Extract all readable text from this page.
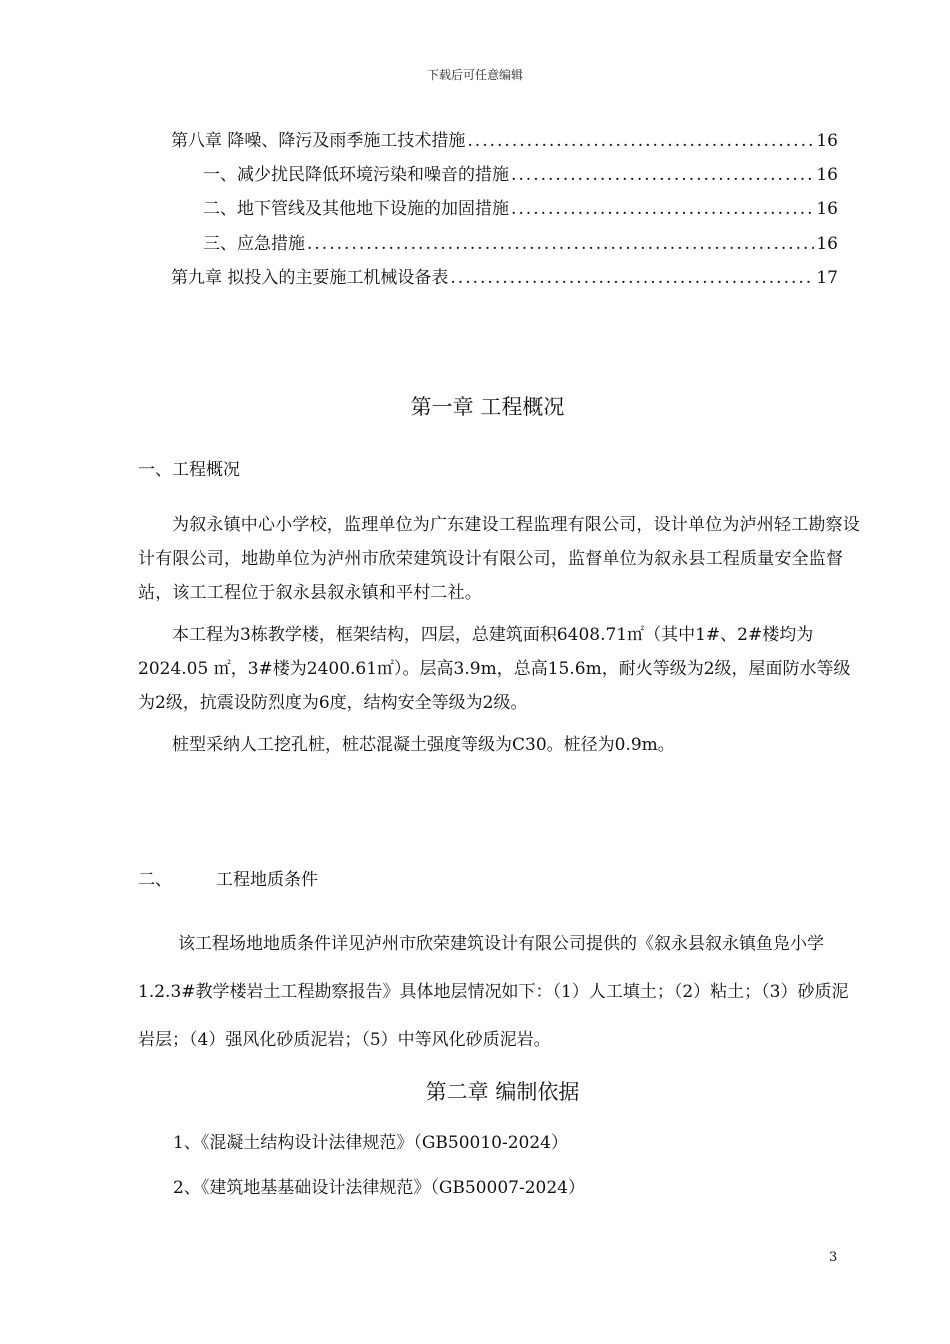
下载后可任意编辑
第八章 降噪、降污及雨季施工技术措施 .....	16
一、减少扰民降低环境污染和噪音的措施 .....	16
二、地下管线及其他地下设施的加固措施 .....	16
三、应急措施 .....	16
第九章 拟投入的主要施工机械设备表 .....	17
第一章 工程概况
一、工程概况

为叙永镇中心小学校，监理单位为广东建设工程监理有限公司，设计单位为泸州轻工勘察设计有限公司，地勘单位为泸州市欣荣建筑设计有限公司，监督单位为叙永县工程质量安全监督站，该工工程位于叙永县叙永镇和平村二社。

本工程为3栋教学楼，框架结构，四层，总建筑面积6408.71㎡（其中1#、2#楼均为2024.05 ㎡，3#楼为2400.61㎡）。层高3.9m，总高15.6m，耐火等级为2级，屋面防水等级为2级，抗震设防烈度为6度，结构安全等级为2级。

桩型采纳人工挖孔桩，桩芯混凝土强度等级为C30。桩径为0.9m。

二、	工程地质条件

该工程场地地质条件详见泸州市欣荣建筑设计有限公司提供的《叙永县叙永镇鱼凫小学1.2.3#教学楼岩土工程勘察报告》具体地层情况如下：（1）人工填土；（2）粘土；（3）砂质泥岩层；（4）强风化砂质泥岩；（5）中等风化砂质泥岩。

第二章 编制依据
1、《混凝土结构设计法律规范》（GB50010-2024）
2、《建筑地基基础设计法律规范》（GB50007-2024）
3
